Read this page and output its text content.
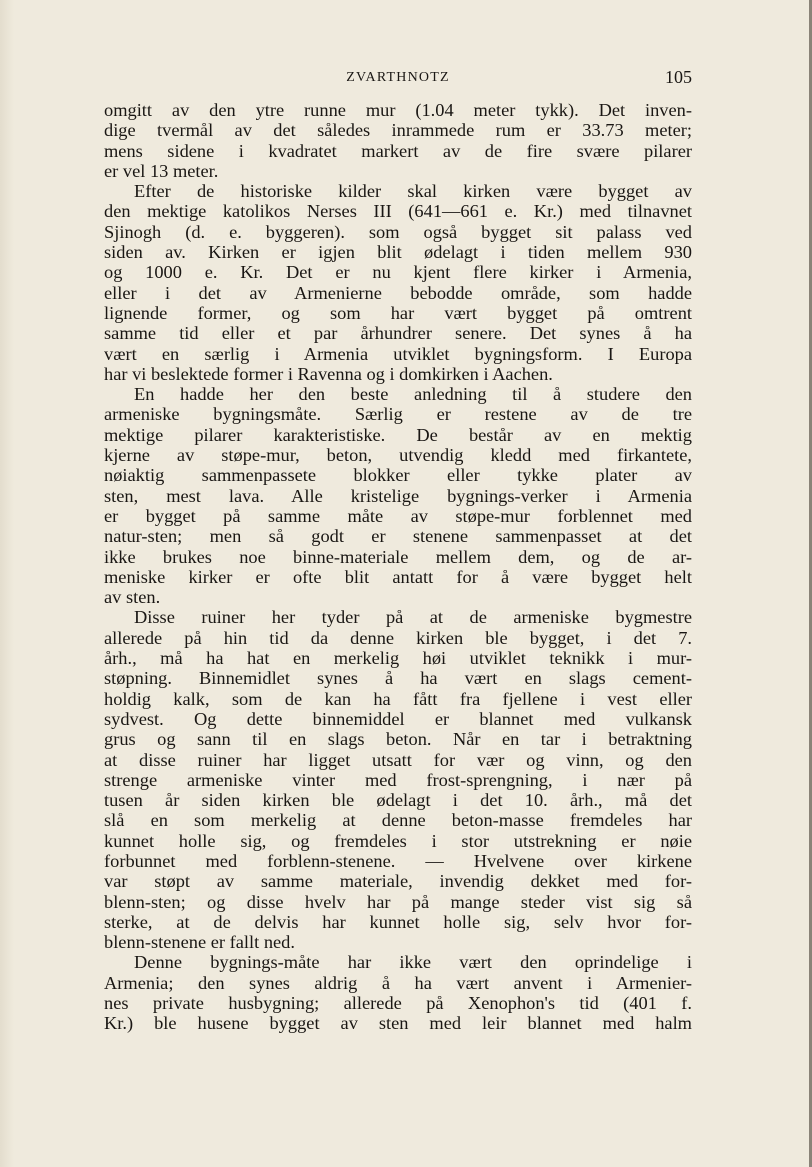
ZVARTHNOTZ	105
omgitt av den ytre runne mur (1.04 meter tykk). Det inven-
dige tvermål av det således inrammede rum er 33.73 meter;
mens sidene i kvadratet markert av de fire svære pilarer
er vel 13 meter.
Efter de historiske kilder skal kirken være bygget av
den mektige katolikos Nerses III (641—661 e. Kr.) med tilnavnet
Sjinogh (d. e. byggeren). som også bygget sit palass ved
siden av. Kirken er igjen blit ødelagt i tiden mellem 930
og 1000 e. Kr. Det er nu kjent flere kirker i Armenia,
eller i det av Armenierne bebodde område, som hadde
lignende former, og som har vært bygget på omtrent
samme tid eller et par århundrer senere. Det synes å ha
vært en særlig i Armenia utviklet bygningsform. I Europa
har vi beslektede former i Ravenna og i domkirken i Aachen.
En hadde her den beste anledning til å studere den
armeniske bygningsmåte. Særlig er restene av de tre
mektige pilarer karakteristiske. De består av en mektig
kjerne av støpe-mur, beton, utvendig kledd med firkantete,
nøiaktig sammenpassete blokker eller tykke plater av
sten, mest lava. Alle kristelige bygnings-verker i Armenia
er bygget på samme måte av støpe-mur forblennet med
natur-sten; men så godt er stenene sammenpasset at det
ikke brukes noe binne-materiale mellem dem, og de ar-
meniske kirker er ofte blit antatt for å være bygget helt
av sten.
Disse ruiner her tyder på at de armeniske bygmestre
allerede på hin tid da denne kirken ble bygget, i det 7.
årh., må ha hat en merkelig høi utviklet teknikk i mur-
støpning. Binnemidlet synes å ha vært en slags cement-
holdig kalk, som de kan ha fått fra fjellene i vest eller
sydvest. Og dette binnemiddel er blannet med vulkansk
grus og sann til en slags beton. Når en tar i betraktning
at disse ruiner har ligget utsatt for vær og vinn, og den
strenge armeniske vinter med frost-sprengning, i nær på
tusen år siden kirken ble ødelagt i det 10. årh., må det
slå en som merkelig at denne beton-masse fremdeles har
kunnet holle sig, og fremdeles i stor utstrekning er nøie
forbunnet med forblenn-stenene. — Hvelvene over kirkene
var støpt av samme materiale, invendig dekket med for-
blenn-sten; og disse hvelv har på mange steder vist sig så
sterke, at de delvis har kunnet holle sig, selv hvor for-
blenn-stenene er fallt ned.
Denne bygnings-måte har ikke vært den oprindelige i
Armenia; den synes aldrig å ha vært anvent i Armenier-
nes private husbygning; allerede på Xenophon's tid (401 f.
Kr.) ble husene bygget av sten med leir blannet med halm
